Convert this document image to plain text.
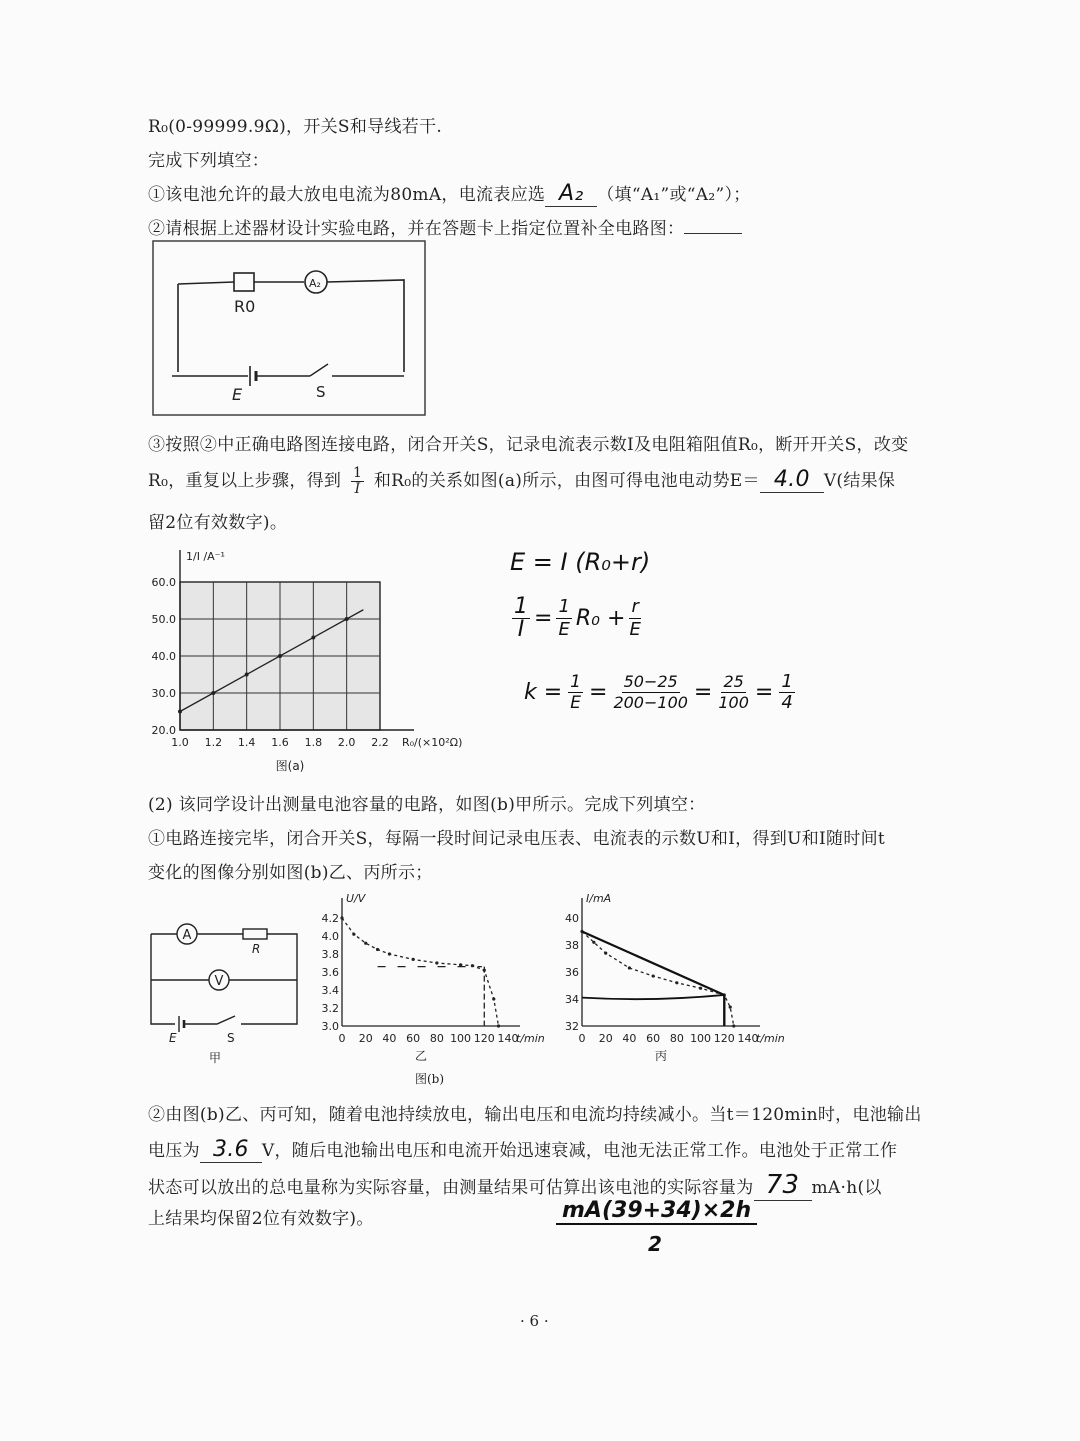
R₀(0-99999.9Ω)，开关S和导线若干.
完成下列填空：
①该电池允许的最大放电电流为80mA，电流表应选 A₂ （填“A₁”或“A₂”）；
②请根据上述器材设计实验电路，并在答题卡上指定位置补全电路图：
R0
A₂
E	S
③按照②中正确电路图连接电路，闭合开关S，记录电流表示数I及电阻箱阻值R₀，断开开关S，改变
R₀，重复以上步骤，得到 $\frac{1}{I}$ 和R₀的关系如图(a)所示，由图可得电池电动势E＝ 4.0 V(结果保
留2位有效数字)。
1.0 1.2 1.4 1.6 1.8 2.0 2.2
20.0
30.0
40.0
50.0
60.0
R₀/(×10²Ω)
1/I /A⁻¹
图(a)
E = I (R₀+r)
$\frac{1}{I} = \frac{1}{E} R_0 + \frac{r}{E}$
$k = \frac{1}{E} = \frac{50-25}{200-100} = \frac{25}{100} = \frac{1}{4}$
(2) 该同学设计出测量电池容量的电路，如图(b)甲所示。完成下列填空：
①电路连接完毕，闭合开关S，每隔一段时间记录电压表、电流表的示数U和I，得到U和I随时间t
变化的图像分别如图(b)乙、丙所示；
A
R
V
E	S
甲
0 20 40 60 80 100 120 140
3.0
3.2
3.4
3.6
3.8
4.0
4.2
t/min
U/V
乙
0 20 40 60 80 100 120 140
32
34
36
38
40
t/min
I/mA
丙
图(b)
②由图(b)乙、丙可知，随着电池持续放电，输出电压和电流均持续减小。当t＝120min时，电池输出
电压为 3.6 V，随后电池输出电压和电流开始迅速衰减，电池无法正常工作。电池处于正常工作
状态可以放出的总电量称为实际容量，由测量结果可估算出该电池的实际容量为 73 mA·h(以
上结果均保留2位有效数字)。	mA(39+34)×2h
2
· 6 ·
